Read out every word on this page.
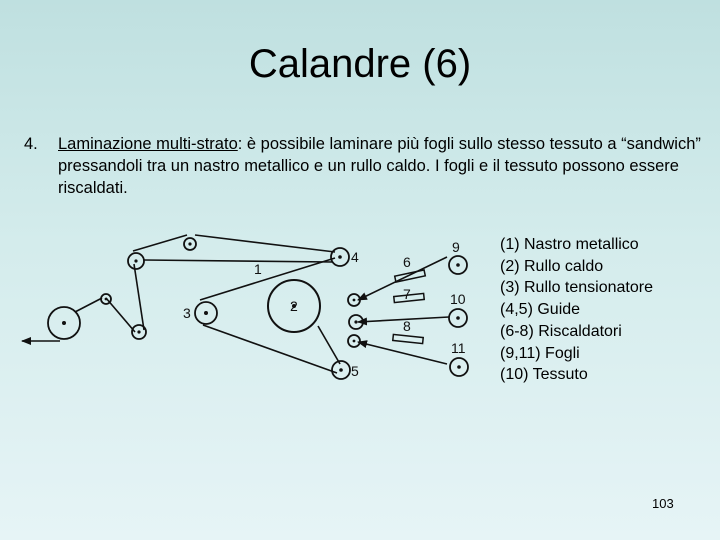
Calandre (6)
4. Laminazione multi-strato: è possibile laminare più fogli sullo stesso tessuto a “sandwich” pressandoli tra un nastro metallico e un rullo caldo. I fogli e il tessuto possono essere riscaldati.
1
2
3
4
5
6
7
8
9
10
11
(1) Nastro metallico
(2) Rullo caldo
(3) Rullo tensionatore
(4,5) Guide
(6-8) Riscaldatori
(9,11) Fogli
(10) Tessuto
103
